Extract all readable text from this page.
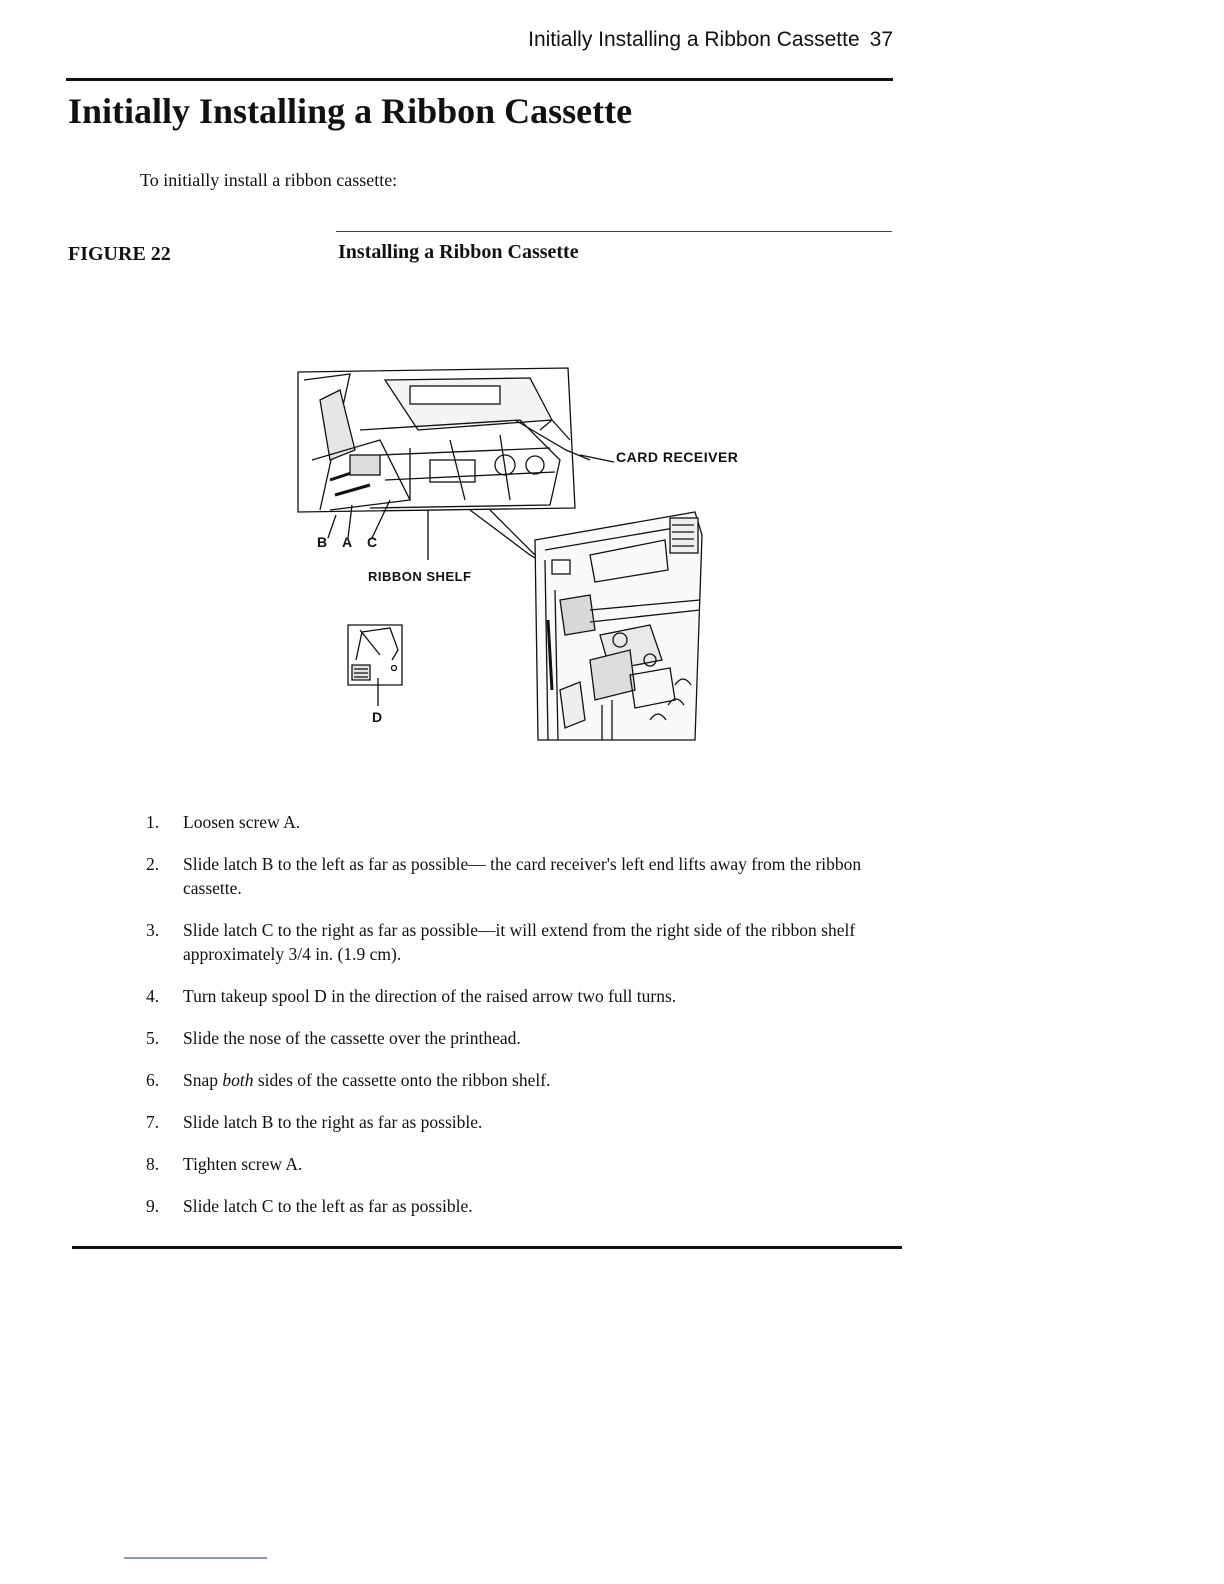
Initially Installing a Ribbon Cassette 37
Initially Installing a Ribbon Cassette
To initially install a ribbon cassette:
FIGURE 22	Installing a Ribbon Cassette
CARD RECEIVER
B A C
RIBBON SHELF
D
1. Loosen screw A.
2. Slide latch B to the left as far as possible— the card receiver's left end lifts away from the ribbon cassette.
3. Slide latch C to the right as far as possible—it will extend from the right side of the ribbon shelf approximately 3/4 in. (1.9 cm).
4. Turn takeup spool D in the direction of the raised arrow two full turns.
5. Slide the nose of the cassette over the printhead.
6. Snap both sides of the cassette onto the ribbon shelf.
7. Slide latch B to the right as far as possible.
8. Tighten screw A.
9. Slide latch C to the left as far as possible.
